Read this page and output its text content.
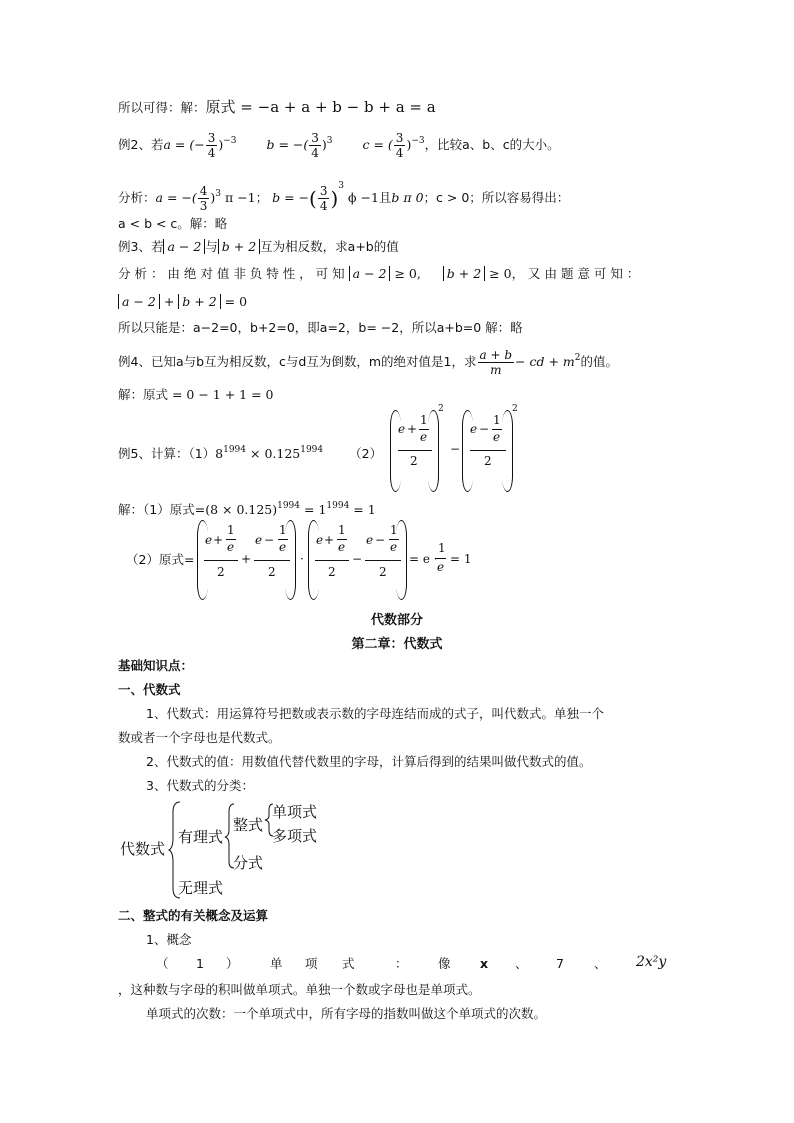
所以可得：解：原式 = −a + a + b − b + a = a
例2、若a = (− $\frac{3}{4} )^{-3}$ b = −( $\frac{3}{4} )^3$ c = ( $\frac{3}{4} )^{-3}$，比较a、b、c的大小。
分析：a = −( $\frac{4}{3} )^3$ π −1； b = −( $\frac{3}{4} )^3$ ϕ −1且b π 0；c > 0；所以容易得出：
a < b < c。解：略
例3、若 a − 2 与 b + 2 互为相反数，求a+b的值
分 析 ： 由 绝 对 值 非 负 特 性 ， 可 知 a − 2 ≥ 0, b + 2 ≥ 0， 又 由 题 意 可 知 ：
a − 2 + b + 2 = 0
所以只能是：a−2=0，b+2=0，即a=2，b= −2，所以a+b=0 解：略
例4、已知a与b互为相反数，c与d互为倒数，m的绝对值是1，求 $\frac{a + b}{m}$ − cd + $m^2$的值。
解：原式 = 0 − 1 + 1 = 0
例5、计算：$(1)8^{1994} \times 0.125^{1994}$ （2）
e +
1
e
2
2
−
e −
1
e
2
2
解：（1）原式$=(8 \times 0.125)^{1994} = 1^{1994} = 1$
（2）原式=
e +
1
e
2
+
e −
1
e
2
·
e +
1
e
2
−
e −
1
e
2
= e ·
1
e
= 1
代数部分
第二章：代数式
基础知识点：
一、代数式
1、代数式：用运算符号把数或表示数的字母连结而成的式子，叫代数式。单独一个
数或者一个字母也是代数式。
2、代数式的值：用数值代替代数里的字母，计算后得到的结果叫做代数式的值。
3、代数式的分类：
代数式
有理式
整式
单项式
多项式
分式
无理式
二、整式的有关概念及运算
1、概念
（ 1 ）	单 项 式	： 像 x 、 7 、 2x²y
，这种数与字母的积叫做单项式。单独一个数或字母也是单项式。
单项式的次数：一个单项式中，所有字母的指数叫做这个单项式的次数。
